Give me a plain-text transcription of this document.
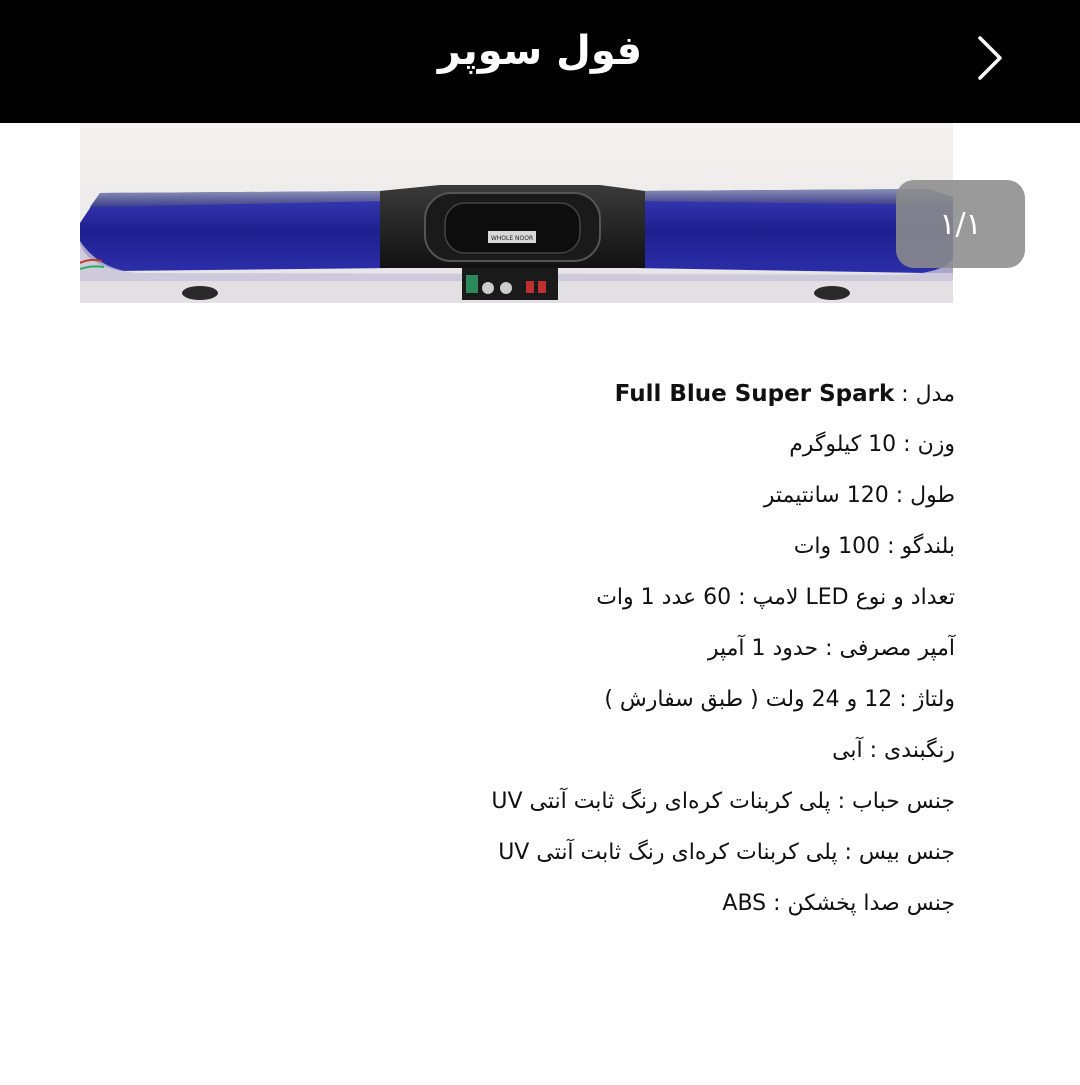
فول سوپر
WHOLE NOOR	۱/۱
مدل : Full Blue Super Spark
وزن : 10 کیلوگرم
طول : 120 سانتیمتر
بلندگو : 100 وات
تعداد و نوع LED لامپ : 60 عدد 1 وات
آمپر مصرفی : حدود 1 آمپر
ولتاژ : 12 و 24 ولت ( طبق سفارش )
رنگبندی : آبی
جنس حباب : پلی کربنات کره‌ای رنگ ثابت آنتی UV
جنس بیس : پلی کربنات کره‌ای رنگ ثابت آنتی UV
جنس صدا پخشکن : ABS
